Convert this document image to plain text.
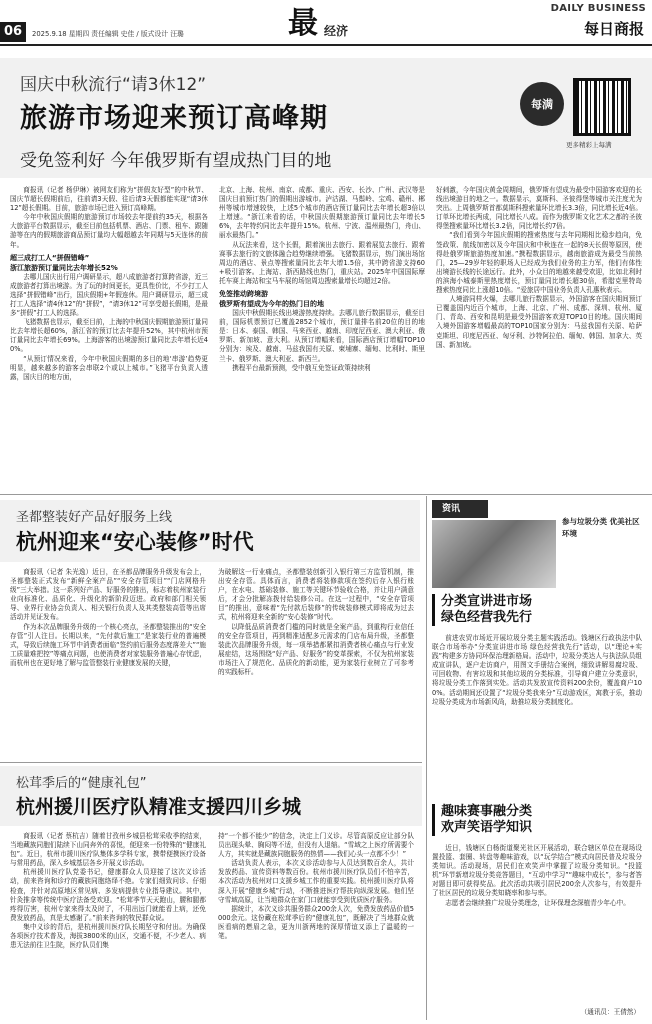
06	2025.9.18 星期四 责任编辑 史佳 / 版式设计 汪璐	最 经济
DAILY BUSINESS
每日商报
国庆中秋流行“请3休12”
旅游市场迎来预订高峰期
受免签利好 今年俄罗斯有望成热门目的地
每满
更多精彩上每满

商报讯（记者 杨伊琳）被网友们称为“拼假友好型”的中秋节、国庆节超长假期前后，往前请3天假、往后请3天假都能实现“请3休12”超长假期。目前，旅游市场已进入预订高峰期。

今年中秋国庆假期的旅游预订市场较去年提前约35天，根据各大旅游平台数据显示，截至目前包括机票、酒店、门票、租车、跟随游等在内的假期旅游商品预订量均大幅超越去年同期与5天连休的前年。

超三成打工人“拼假错峰”
浙江旅游预订量同比去年增长52%

去哪儿国庆出行用户调研显示，超八成旅游者打算跨省游，近三成旅游者打算出境游。为了玩的时间更长，更具性价比，不少打工人选择“拼假错峰”出行，国庆假期+年假连休。用户调研显示，超三成打工人选择“请4休12”的“拼假”，“请3休12”可享受超长假期，是最多“拼假”打工人的选择。

飞猪数据也显示，截至目前，上海的中秋国庆假期旅游预订量同比去年增长超60%，浙江省的预订比去年提升52%，其中杭州市预订量同比去年增长69%。上海游客的出境游预订量同比去年增长近40%。

“从预订情况来看，今年中秋国庆假期的多目的地‘串游’趋势更明显，越来越多的游客会串联2个或以上城市。”飞猪平台负责人透露，国庆目的地方面，

北京、上海、杭州、南京、成都、重庆、西安、长沙、广州、武汉等是国庆目前预订热门的假期出游城市。泸沽湖、马鬃岭、宝鸡、赣州、郴州等城市增速较快，上述5个城市的酒店预订量同比去年增长超3倍以上增速。“浙江来看的话，中秋国庆假期旅游预订量同比去年增长56%，去年特约同比去年提升15%。杭州、宁波、温州最热门，舟山、丽水最热门。”

从玩法来看，这个长假，跟着演出去旅行、跟着展览去旅行、跟着赛事去旅行的文旅体融合趋势继续增强。飞猪数据显示，热门演出场馆周边的酒店、景点等搜索量同比去年大增1.5倍，其中跨省游支持60+吸引游客。上海站、浙西路线也热门，重庆站。2025年中国国际摩托车赛上海站和宝马车展的场馆周边搜索量增长均超过2倍。

免签推动跨境游
俄罗斯有望成为今年的热门目的地

国庆中秋假期长线出境游热度持续。去哪儿旅行数据显示，截至目前，国际机票预订已覆盖2852个城市，预订量排名前20位的目的地是：日本、泰国、韩国、马来西亚、越南、印度尼西亚、澳大利亚、俄罗斯、新加坡、意大利。从预订增幅来看，国际酒店预订增幅TOP10分别为：埃及、越南、马兹我国有关原、柬埔寨、缅甸、比利时、斯里兰卡、俄罗斯、澳大利亚、新西兰。

携程平台最新预测，受中俄互免签证政策持续利

好刺激，今年国庆黄金周期间，俄罗斯有望成为最受中国游客欢迎的长线出境游目的地之一。数据显示，莫斯科、圣彼得堡等城市关注度尤为突出。上周俄罗斯首都莫斯科搜索量环比增长3.3倍，同比增长近4倍。订单环比增长两成，同比增长八成。而作为俄罗斯文化艺术之都的圣彼得堡搜索量环比增长3.2倍，同比增长约7倍。

“我们看到今年国庆假期的搜索热度与去年同期相比稳步趋向，免签政策、航线加密以及今年国庆和中秋连在一起的8天长假等原因，使得赴俄罗斯旅游热度加速。”携程数据显示，越南旅游成为最受当前热门，25—29岁年轻的职场人已经成为我们业务的主力军，他们有体性出境游长线的长途远行。此外，小众目的地越来越受欢迎，比如北利时的滨海小城泰斯里热度增长，预订量同比增长超30倍，希腊克里特岛搜索热度同比上涨超10倍。“爱旅居中国业务负责人孔惠秋表示。

人境游同样火爆，去哪儿旅行数据显示，外国游客在国庆期间预订已覆盖国内近百个城市，上海、北京、广州、成都、深圳、杭州、厦门、青岛、西安和昆明是最受外国游客欢迎TOP10目的地。国庆期间入境外国游客增幅最高的TOP10国家分别为：马兹我国有关原、哈萨克斯坦、印度尼西亚、匈牙利、沙特阿拉伯、缅甸、韩国、加拿大、英国、新加坡。

圣都整装好产品好服务上线
杭州迎来“安心装修”时代

商报讯（记者 朱光逸）近日，在圣都品牌服务升级发布会上，圣都整装正式发布“新鲜全案产品”“安全存管项目”“门店网格升级”三大举措。这一系列好产品、好服务的推出，标志着杭州家装行业向标准化、品质化、升级化的新阶段迈进。政府和部门相关领导、业界行业协会负责人、相关银行负责人及其类整装高管等出席活动并见证发布。

作为本次品牌服务升级的一个核心亮点，圣都整装推出的“安全存管”引人注目。长期以来，“先付款后施工”是家装行业的普遍模式，导致后续施工环节中消费者面临“签约前后服务态度落差大”“施工质量难把控”等痛点问题，也使消费者对家装服务普遍心存忧虑，而杭州也在更好地了解与监管整装行业健康发展的关键，

为破解这一行业痛点，圣都整装创新引入银行第三方监管机制，推出安全存管。具体而言，消费者将装修款项在签约后存入银行账户，在水电、基础装修、施工等关键环节验收合格，并让用户满意后，才会分批解冻拨付给装修公司。在这一过程中，“安全存管项目”的推出，意味着“先付款后装修”的传统装修模式即将成为过去式，杭州将迎来全新的“安心装修”时代。

以降低品质消费者门槛的同时就是全案产品，到重构行业信任的安全存管项目，再到精准适配多元需求的门店布局升级，圣都整装此次品牌服务升级，每一项举措都紧扣消费者核心痛点与行业发展症结，这场围绕“好产品、好服务”的变革探索，不仅为杭州家装市场注入了规范化、品质化的新动能，更为家装行业树立了可参考的实践标杆。

松茸季后的“健康礼包”
杭州援川医疗队精准支援四川乡城

商报讯（记者 蔡杭吉）随着甘孜州乡城县松茸采收季的结束，当地藏族同胞们陆续下山同奔外的喜悦，便迎来一份特殊的“健康礼包”。近日，杭州市援川医疗队集体多学科专家，携带便携医疗设备与常用药品，深入乡城基层各乡开展义诊活动。

杭州援川医疗队党委书记，健康群众人员迎接了这次义诊活动，前来咨询和诊疗的藏族同胞络绎不绝。专家们细致问诊、仔细检查，并针对高原地区常见病、多发病提供专业指导建议。其中，针灸推拿等传统中医疗法备受欢迎。“松茸季节天天跑山，腰和腿都疼得厉害，杭州专家来得太及时了，不用出远门就能看上病，还免费发放药品，真是太感谢了。”前来咨询的牧民群众说。

集中义诊的背后，是杭州援川医疗队长期坚守和付出。为确保各项医疗技术普及，海拔3800米的山区，交通不便，不少老人、病患无法前往卫生院，医疗队员们集

持“一个都不能少”的信念，决定上门义诊。尽管高原反应让部分队员出现头晕、胸闷等不适，但没有人退缩。“雪域之上医疗所需要个人方，其实就是藏族同胞服务的热情——我们心头一点都不少！”

活动负责人表示，本次义诊活动参与人员达到数百余人，共计发放药品、宣传资料等数百份。杭州市援川医疗队员们不怕辛苦，本次活动为杭州对口支援乡城工作的重要实践。杭州援川医疗队将深入开展“健康乡城”行动，不断推进医疗帮扶向纵深发展。他们坚守雪域高原，让当地群众在家门口就能享受到优质医疗服务。

据统计，本次义诊共服务群众200余人次，免费发放药品价值5000余元。这份藏在松茸季后的“健康礼包”，既解决了当地群众就医看病的燃眉之急，更为川浙两地的深厚情谊又添上了温暖的一笔。

资讯
参与垃圾分类 优美社区环境
分类宣讲进市场
绿色经营我先行

前进农贸市场近开展垃圾分类主题实践活动。钱塘区行政执法中队联合市场举办“分类宣讲进市场 绿色经营我先行”活动，以“理论+实践”构建多方协同环保治理新格局。活动中，垃圾分类达人与执法队员组成宣讲队，逐户走访商户，用图文手册结合案例，细致讲解易腐垃圾、可回收物、有害垃圾和其他垃圾的分类标准，引导商户建立分类意识，将垃圾分类工作落到实处。活动共发放宣传资料200余份，覆盖商户100%。活动期间还设置了“垃圾分类我来分”互动游戏区，寓教于乐，推动垃圾分类成为市场新风尚，助推垃圾分类制度化。

趣味赛事融分类
欢声笑语学知识

近日，钱塘区白杨街道聚光社区开展活动，联合辖区单位在现场设置投篮、套圈、转盘等趣味游戏，以“玩学结合”模式向居民普及垃圾分类知识。活动现场，居民们在欢笑声中掌握了垃圾分类知识。“投篮机”环节新增垃圾分类竞答题目，“互动中学习”“趣味中成长”，参与者答对题目即可获得奖品。此次活动共吸引居民200余人次参与，有效提升了社区居民的垃圾分类知晓率和参与率。

志愿者会继续推广垃圾分类理念，让环保理念深植青少年心中。

（通讯员：王倩然）
